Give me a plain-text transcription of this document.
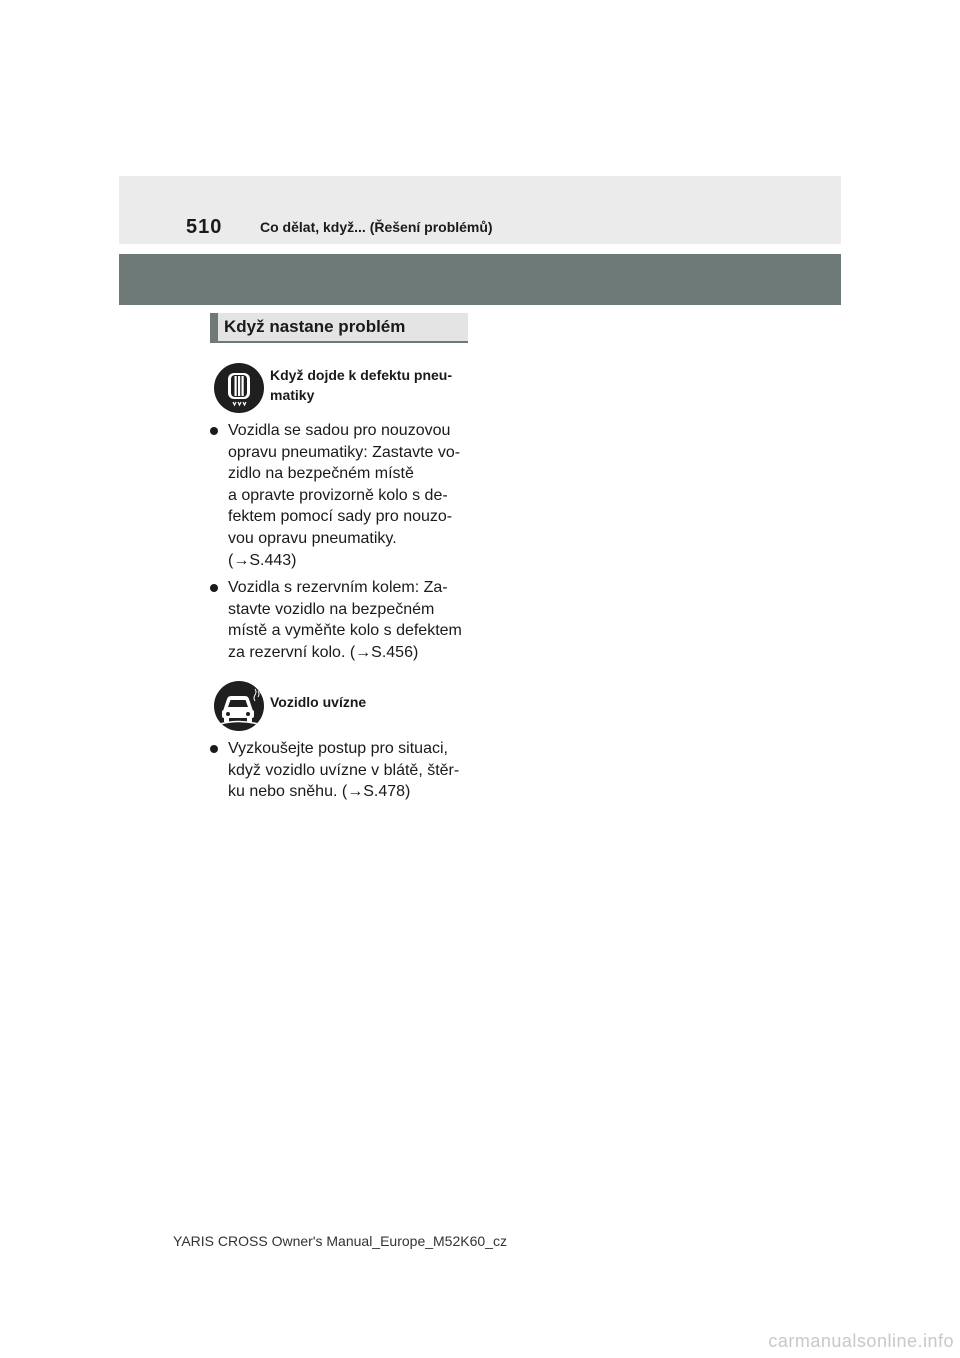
510	Co dělat, když... (Řešení problémů)
Když nastane problém
Když dojde k defektu pneu-
matiky
Vozidla se sadou pro nouzovou
opravu pneumatiky: Zastavte vo-
zidlo na bezpečném místě
a opravte provizorně kolo s de-
fektem pomocí sady pro nouzo-
vou opravu pneumatiky.
(→S.443)
Vozidla s rezervním kolem: Za-
stavte vozidlo na bezpečném
místě a vyměňte kolo s defektem
za rezervní kolo. (→S.456)
Vozidlo uvízne
Vyzkoušejte postup pro situaci,
když vozidlo uvízne v blátě, štěr-
ku nebo sněhu. (→S.478)
YARIS CROSS Owner's Manual_Europe_M52K60_cz
carmanualsonline.info
